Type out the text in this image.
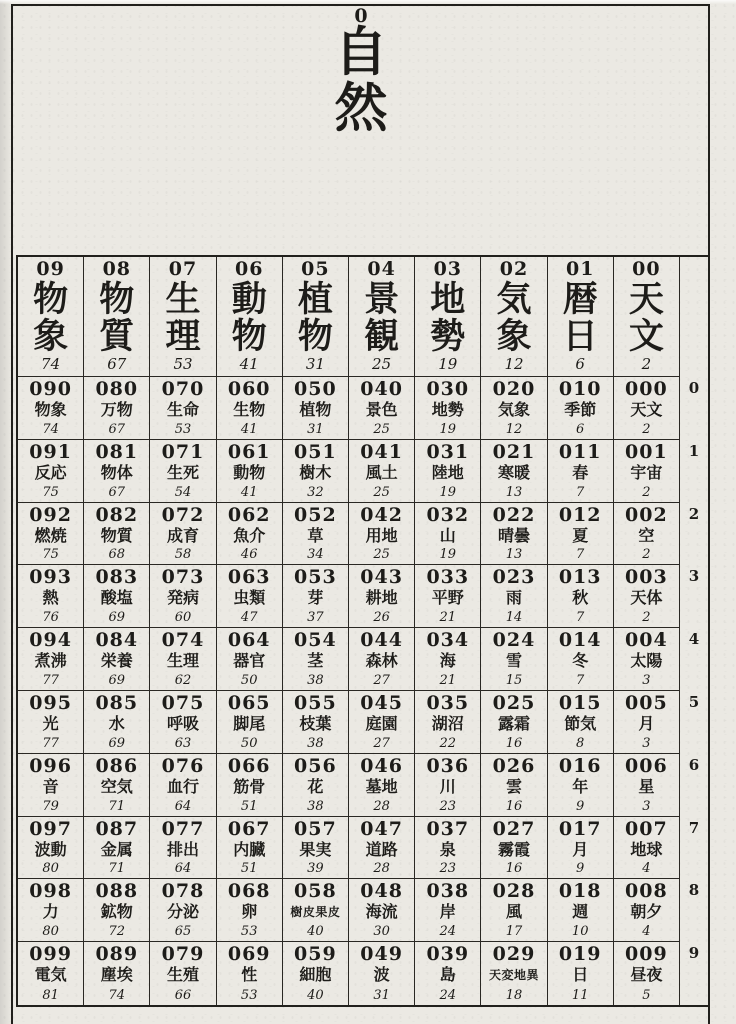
0
自
然
09
物
象
74
08
物
質
67
07
生
理
53
06
動
物
41
05
植
物
31
04
景
観
25
03
地
勢
19
02
気
象
12
01
暦
日
6
00
天
文
2
090
物象
74
080
万物
67
070
生命
53
060
生物
41
050
植物
31
040
景色
25
030
地勢
19
020
気象
12
010
季節
6
000
天文
2
091
反応
75
081
物体
67
071
生死
54
061
動物
41
051
樹木
32
041
風土
25
031
陸地
19
021
寒暖
13
011
春
7
001
宇宙
2
092
燃焼
75
082
物質
68
072
成育
58
062
魚介
46
052
草
34
042
用地
25
032
山
19
022
晴曇
13
012
夏
7
002
空
2
093
熱
76
083
酸塩
69
073
発病
60
063
虫類
47
053
芽
37
043
耕地
26
033
平野
21
023
雨
14
013
秋
7
003
天体
2
094
煮沸
77
084
栄養
69
074
生理
62
064
器官
50
054
茎
38
044
森林
27
034
海
21
024
雪
15
014
冬
7
004
太陽
3
095
光
77
085
水
69
075
呼吸
63
065
脚尾
50
055
枝葉
38
045
庭園
27
035
湖沼
22
025
露霜
16
015
節気
8
005
月
3
096
音
79
086
空気
71
076
血行
64
066
筋骨
51
056
花
38
046
墓地
28
036
川
23
026
雲
16
016
年
9
006
星
3
097
波動
80
087
金属
71
077
排出
64
067
内臓
51
057
果実
39
047
道路
28
037
泉
23
027
霧霞
16
017
月
9
007
地球
4
098
力
80
088
鉱物
72
078
分泌
65
068
卵
53
058
樹皮果皮
40
048
海流
30
038
岸
24
028
風
17
018
週
10
008
朝夕
4
099
電気
81
089
塵埃
74
079
生殖
66
069
性
53
059
細胞
40
049
波
31
039
島
24
029
天変地異
18
019
日
11
009
昼夜
5
0
1
2
3
4
5
6
7
8
9
